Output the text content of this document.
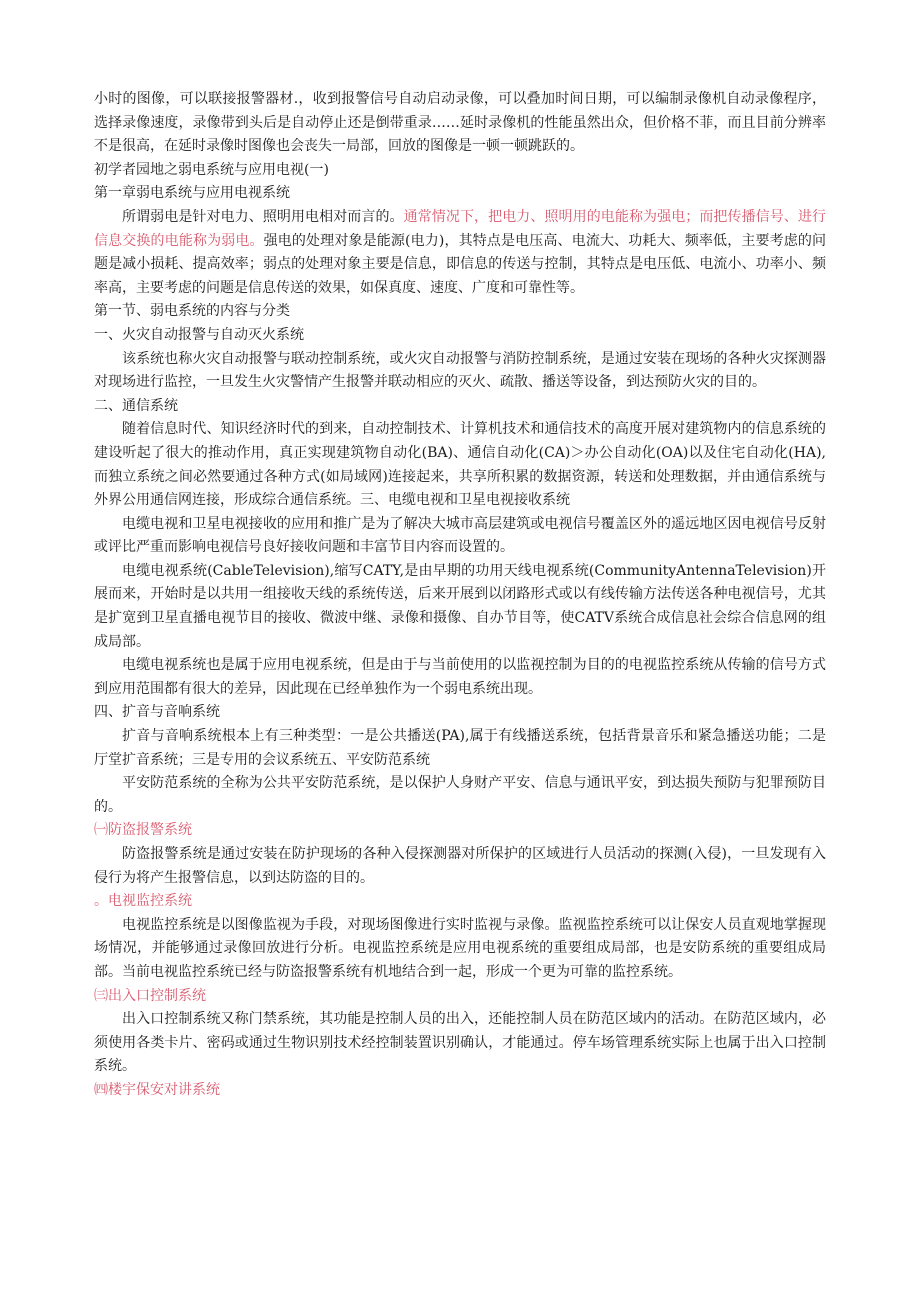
小时的图像，可以联接报警器材.，收到报警信号自动启动录像，可以叠加时间日期，可以编制录像机自动录像程序，选择录像速度，录像带到头后是自动停止还是倒带重录……延时录像机的性能虽然出众，但价格不菲，而且目前分辨率不是很高，在延时录像时图像也会丧失一局部，回放的图像是一顿一顿跳跃的。
初学者园地之弱电系统与应用电视(一)
第一章弱电系统与应用电视系统
所谓弱电是针对电力、照明用电相对而言的。通常情况下，把电力、照明用的电能称为强电；而把传播信号、进行信息交换的电能称为弱电。强电的处理对象是能源(电力)，其特点是电压高、电流大、功耗大、频率低，主要考虑的问题是减小损耗、提高效率；弱点的处理对象主要是信息，即信息的传送与控制，其特点是电压低、电流小、功率小、频率高，主要考虑的问题是信息传送的效果，如保真度、速度、广度和可靠性等。
第一节、弱电系统的内容与分类
一、火灾自动报警与自动灭火系统
该系统也称火灾自动报警与联动控制系统，或火灾自动报警与消防控制系统，是通过安装在现场的各种火灾探测器对现场进行监控，一旦发生火灾警情产生报警并联动相应的灭火、疏散、播送等设备，到达预防火灾的目的。
二、通信系统
随着信息时代、知识经济时代的到来，自动控制技术、计算机技术和通信技术的高度开展对建筑物内的信息系统的建设听起了很大的推动作用，真正实现建筑物自动化(BA)、通信自动化(CA)＞办公自动化(OA)以及住宅自动化(HA),而独立系统之间必然要通过各种方式(如局域网)连接起来，共享所积累的数据资源，转送和处理数据，并由通信系统与外界公用通信网连接，形成综合通信系统。三、电缆电视和卫星电视接收系统
电缆电视和卫星电视接收的应用和推广是为了解决大城市高层建筑或电视信号覆盖区外的遥远地区因电视信号反射或评比严重而影响电视信号良好接收问题和丰富节目内容而设置的。
电缆电视系统(CableTelevision),缩写CATY,是由早期的功用天线电视系统(CommunityAntennaTelevision)开展而来，开始时是以共用一组接收天线的系统传送，后来开展到以闭路形式或以有线传输方法传送各种电视信号，尤其是扩宽到卫星直播电视节目的接收、微波中继、录像和摄像、自办节目等，使CATV系统合成信息社会综合信息网的组成局部。
电缆电视系统也是属于应用电视系统，但是由于与当前使用的以监视控制为目的的电视监控系统从传输的信号方式到应用范围都有很大的差异，因此现在已经单独作为一个弱电系统出现。
四、扩音与音响系统
扩音与音响系统根本上有三种类型：一是公共播送(PA),属于有线播送系统，包括背景音乐和紧急播送功能；二是厅堂扩音系统；三是专用的会议系统五、平安防范系统
平安防范系统的全称为公共平安防范系统，是以保护人身财产平安、信息与通讯平安，到达损失预防与犯罪预防目的。
㈠防盗报警系统
防盗报警系统是通过安装在防护现场的各种入侵探测器对所保护的区域进行人员活动的探测(入侵)，一旦发现有入侵行为将产生报警信息，以到达防盗的目的。
。电视监控系统
电视监控系统是以图像监视为手段，对现场图像进行实时监视与录像。监视监控系统可以让保安人员直观地掌握现场情况，并能够通过录像回放进行分析。电视监控系统是应用电视系统的重要组成局部，也是安防系统的重要组成局部。当前电视监控系统已经与防盗报警系统有机地结合到一起，形成一个更为可靠的监控系统。
㈢出入口控制系统
出入口控制系统又称门禁系统，其功能是控制人员的出入，还能控制人员在防范区域内的活动。在防范区域内，必须使用各类卡片、密码或通过生物识别技术经控制装置识别确认，才能通过。停车场管理系统实际上也属于出入口控制系统。
㈣楼宇保安对讲系统
